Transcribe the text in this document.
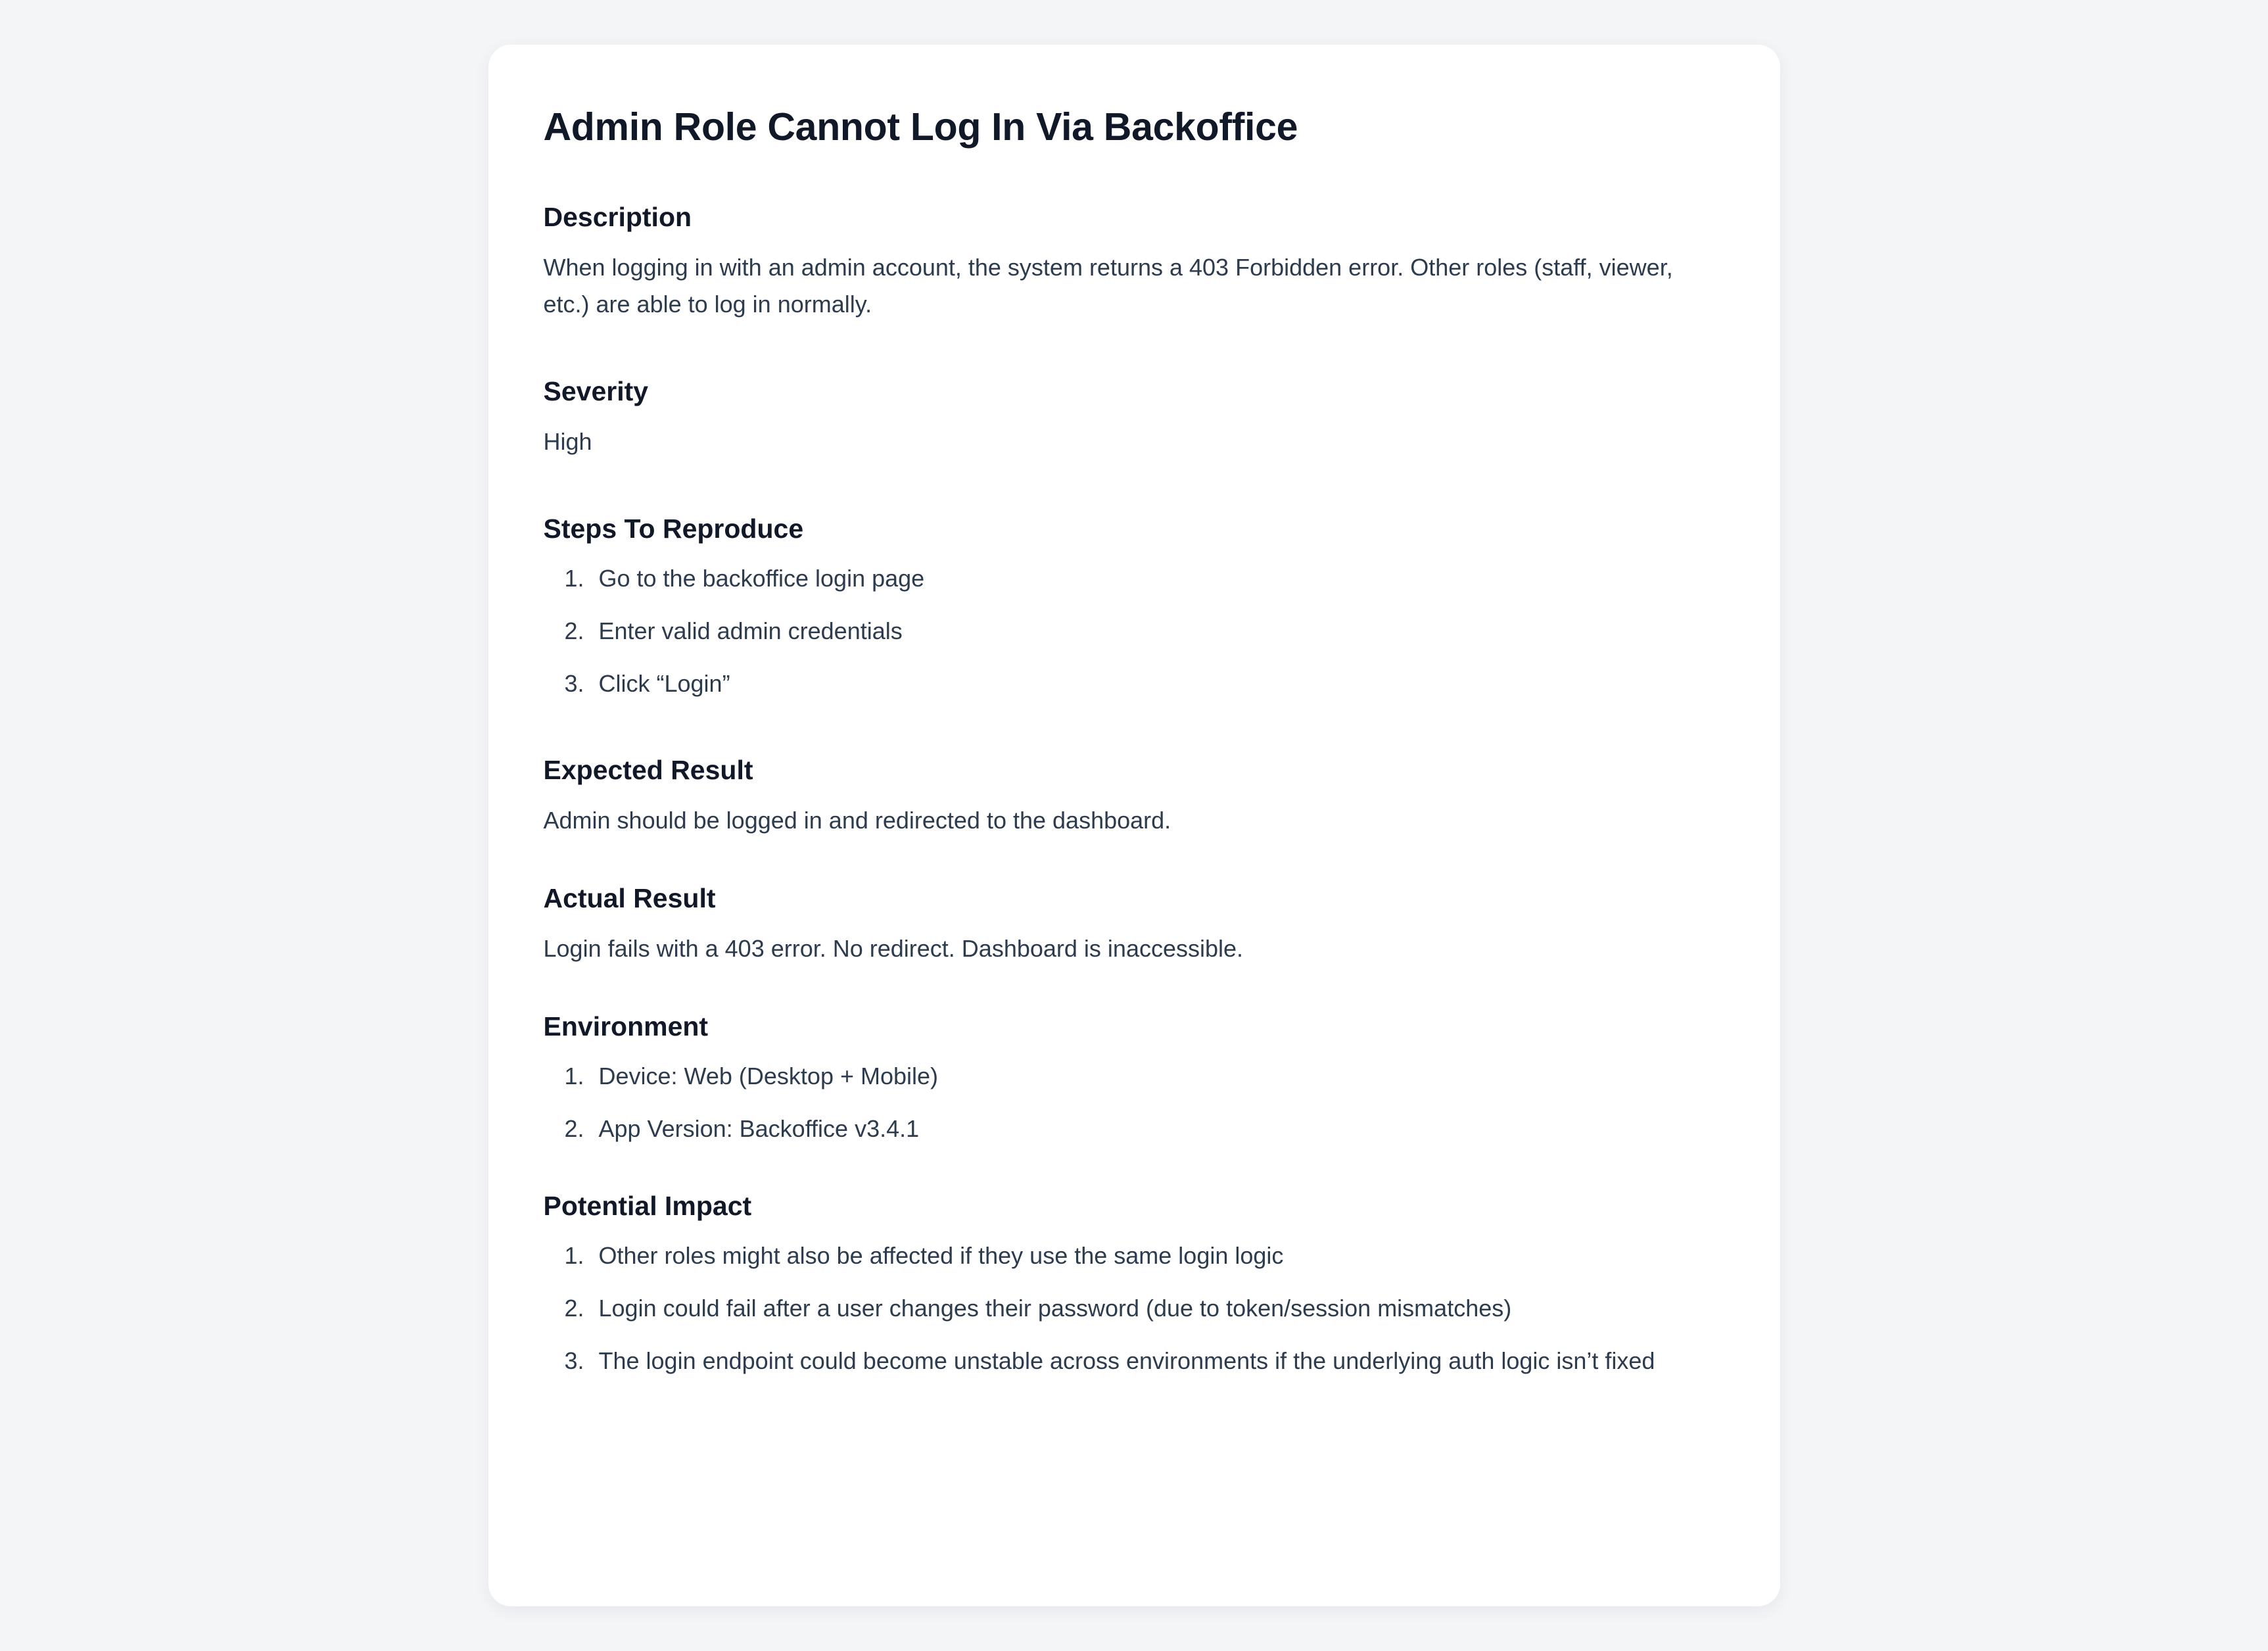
Admin Role Cannot Log In Via Backoffice
Description

When logging in with an admin account, the system returns a 403 Forbidden error. Other roles (staff, viewer, etc.) are able to log in normally.

Severity

High

Steps To Reproduce
1. Go to the backoffice login page
2. Enter valid admin credentials
3. Click “Login”
Expected Result

Admin should be logged in and redirected to the dashboard.

Actual Result

Login fails with a 403 error. No redirect. Dashboard is inaccessible.

Environment
1. Device: Web (Desktop + Mobile)
2. App Version: Backoffice v3.4.1
Potential Impact
1. Other roles might also be affected if they use the same login logic
2. Login could fail after a user changes their password (due to token/session mismatches)
3. The login endpoint could become unstable across environments if the underlying auth logic isn’t fixed
